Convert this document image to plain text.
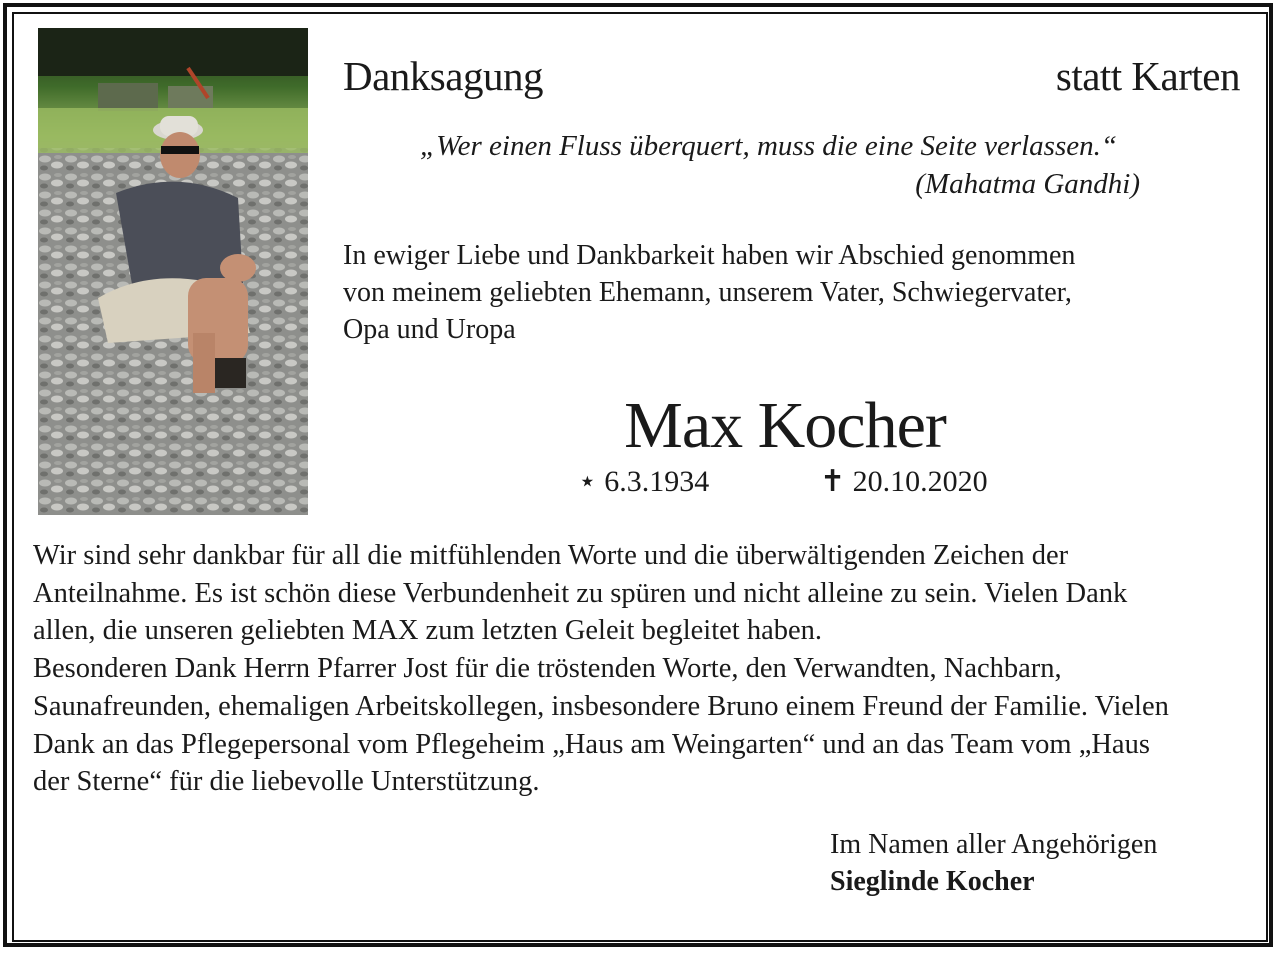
Danksagung	statt Karten
„Wer einen Fluss überquert, muss die eine Seite verlassen.“
(Mahatma Gandhi)

In ewiger Liebe und Dankbarkeit haben wir Abschied genommen
von meinem geliebten Ehemann, unserem Vater, Schwiegervater,
Opa und Uropa

Max Kocher
⋆ 6.3.1934	✝ 20.10.2020

Wir sind sehr dankbar für all die mitfühlenden Worte und die überwältigenden Zeichen der
Anteilnahme. Es ist schön diese Verbundenheit zu spüren und nicht alleine zu sein. Vielen Dank
allen, die unseren geliebten MAX zum letzten Geleit begleitet haben.
Besonderen Dank Herrn Pfarrer Jost für die tröstenden Worte, den Verwandten, Nachbarn,
Saunafreunden, ehemaligen Arbeitskollegen, insbesondere Bruno einem Freund der Familie. Vielen
Dank an das Pflegepersonal vom Pflegeheim „Haus am Weingarten“ und an das Team vom „Haus
der Sterne“ für die liebevolle Unterstützung.

Im Namen aller Angehörigen
Sieglinde Kocher
